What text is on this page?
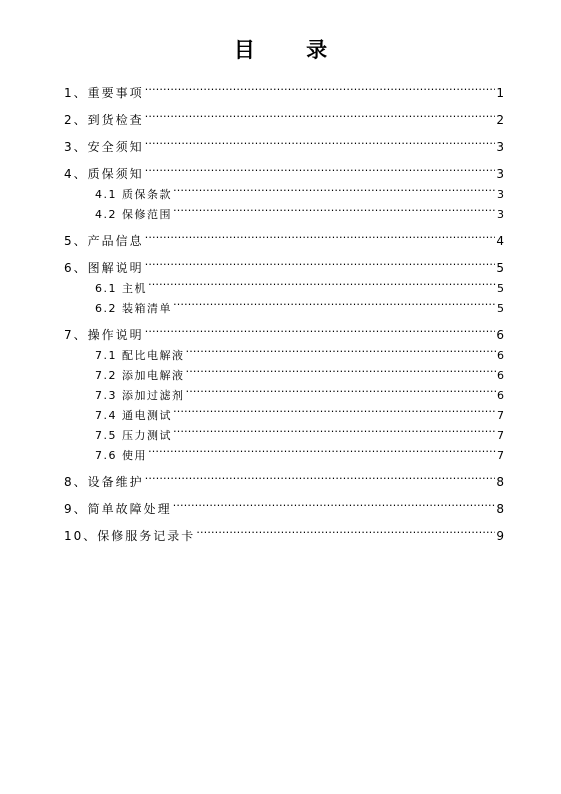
目 录
1、重要事项 …………………………………………………………………………………………………………………………………………………	1
2、到货检查 …………………………………………………………………………………………………………………………………………………	2
3、安全须知 …………………………………………………………………………………………………………………………………………………	3
4、质保须知 …………………………………………………………………………………………………………………………………………………	3
4.1 质保条款 …………………………………………………………………………………………………………………………………………………	3
4.2 保修范围 …………………………………………………………………………………………………………………………………………………	3
5、产品信息 …………………………………………………………………………………………………………………………………………………	4
6、图解说明 …………………………………………………………………………………………………………………………………………………	5
6.1 主机 …………………………………………………………………………………………………………………………………………………	5
6.2 装箱清单 …………………………………………………………………………………………………………………………………………………	5
7、操作说明 …………………………………………………………………………………………………………………………………………………	6
7.1 配比电解液 …………………………………………………………………………………………………………………………………………………	6
7.2 添加电解液 …………………………………………………………………………………………………………………………………………………	6
7.3 添加过滤剂 …………………………………………………………………………………………………………………………………………………	6
7.4 通电测试 …………………………………………………………………………………………………………………………………………………	7
7.5 压力测试 …………………………………………………………………………………………………………………………………………………	7
7.6 使用 …………………………………………………………………………………………………………………………………………………	7
8、设备维护 …………………………………………………………………………………………………………………………………………………	8
9、简单故障处理 …………………………………………………………………………………………………………………………………………………	8
10、保修服务记录卡 …………………………………………………………………………………………………………………………………………………	9
